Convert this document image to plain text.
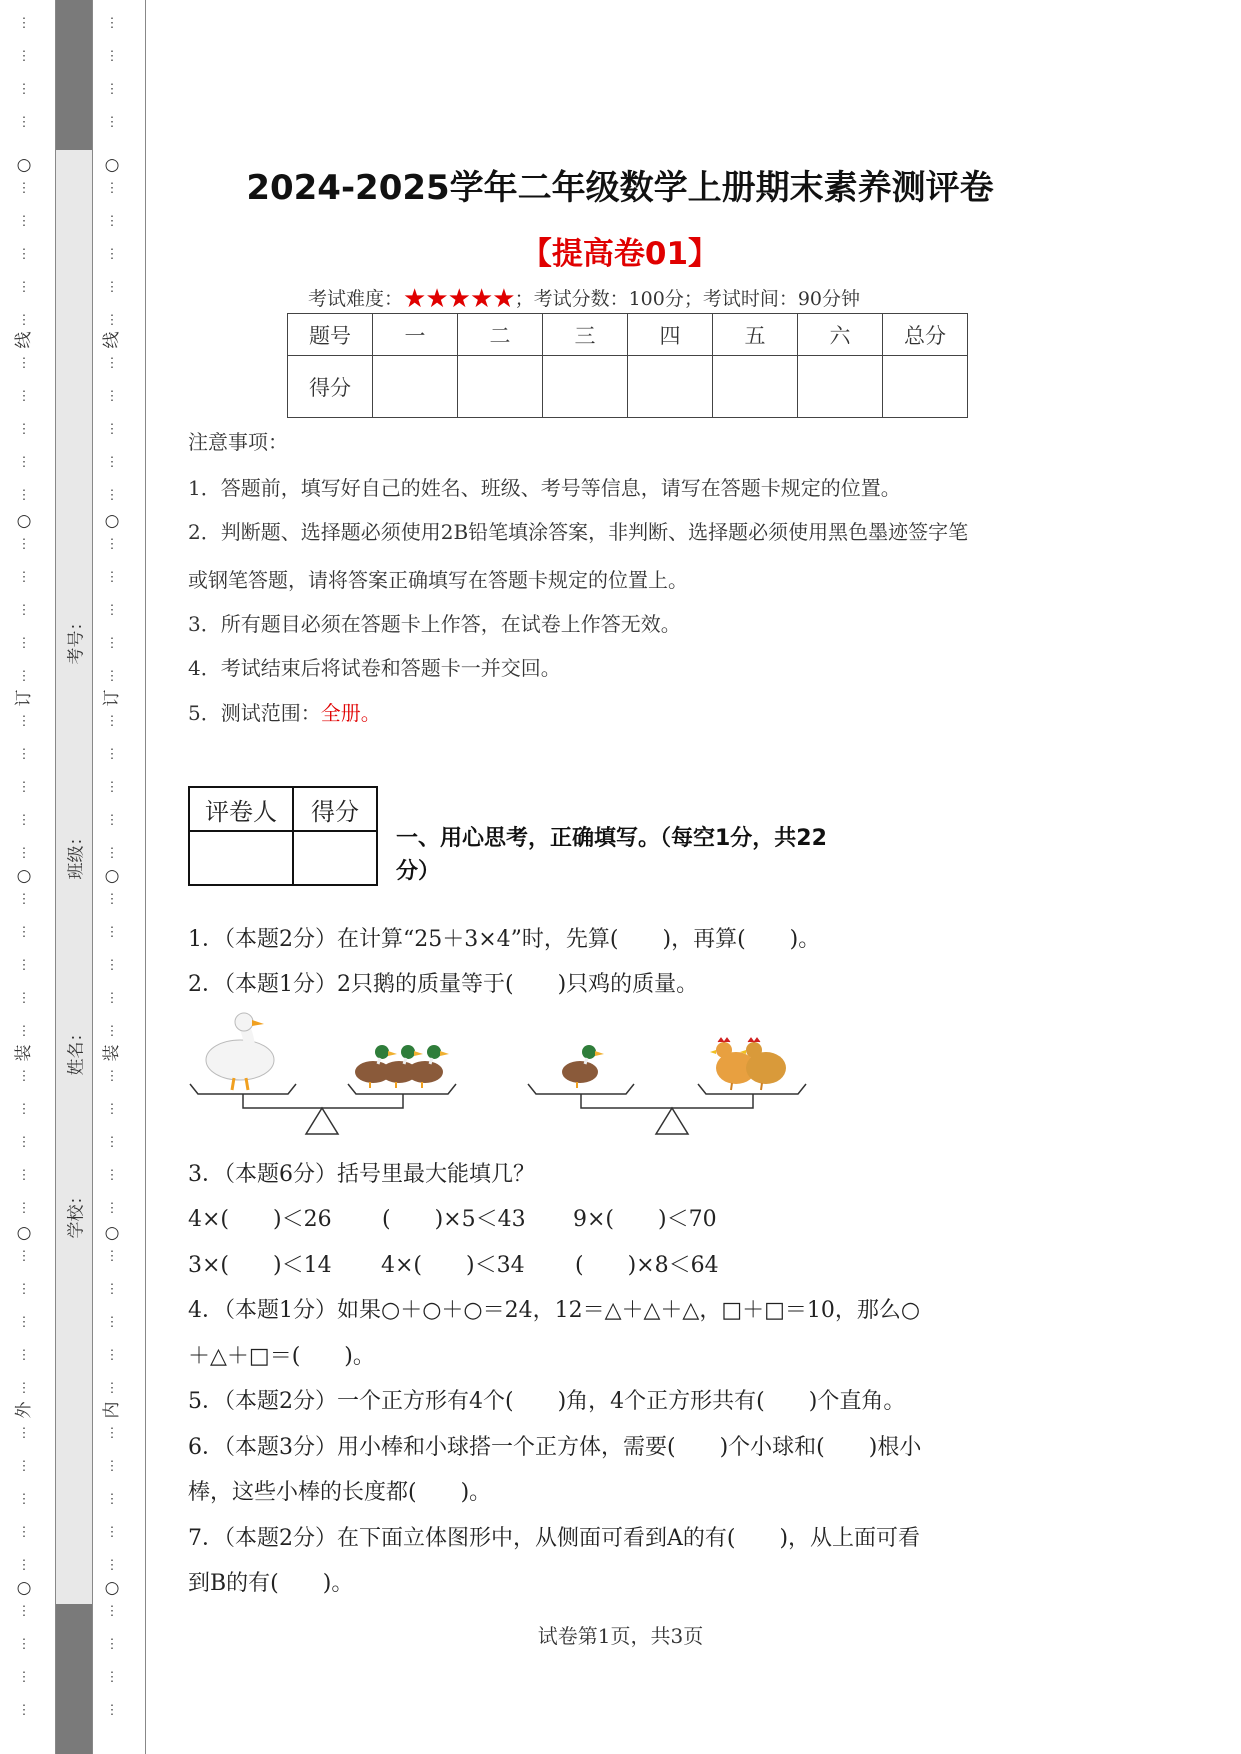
⋮
⋮
⋮
⋮
○
⋮
⋮
⋮
⋮
⋮
线
⋮
⋮
⋮
⋮
⋮
○
⋮
⋮
⋮
⋮
⋮
订
⋮
⋮
⋮
⋮
⋮
○
⋮
⋮
⋮
⋮
⋮
装
⋮
⋮
⋮
⋮
⋮
○
⋮
⋮
⋮
⋮
⋮
外
⋮
⋮
⋮
⋮
⋮
○
⋮
⋮
⋮
⋮
⋮
⋮
⋮
⋮
○
⋮
⋮
⋮
⋮
⋮
线
⋮
⋮
⋮
⋮
⋮
○
⋮
⋮
⋮
⋮
⋮
订
⋮
⋮
⋮
⋮
⋮
○
⋮
⋮
⋮
⋮
⋮
装
⋮
⋮
⋮
⋮
⋮
○
⋮
⋮
⋮
⋮
⋮
内
⋮
⋮
⋮
⋮
⋮
○
⋮
⋮
⋮
⋮
考号：
班级：
姓名：
学校：
2024-2025学年二年级数学上册期末素养测评卷
【提高卷01】
考试难度：★★★★★；考试分数：100分；考试时间：90分钟
题号	一	二	三	四	五	六	总分
得分							
注意事项：
1．答题前，填写好自己的姓名、班级、考号等信息，请写在答题卡规定的位置。
2．判断题、选择题必须使用2B铅笔填涂答案，非判断、选择题必须使用黑色墨迹签字笔
或钢笔答题，请将答案正确填写在答题卡规定的位置上。
3．所有题目必须在答题卡上作答，在试卷上作答无效。
4．考试结束后将试卷和答题卡一并交回。
5．测试范围：全册。
评卷人	得分

一、用心思考，正确填写。（每空1分，共22
分）
1．（本题2分）在计算“25＋3×4”时，先算(　　)，再算(　　)。
2．（本题1分）2只鹅的质量等于(　　)只鸡的质量。
3．（本题6分）括号里最大能填几？
4×(　　)＜26 (　　)×5＜43 9×(　　)＜70
3×(　　)＜14 4×(　　)＜34 (　　)×8＜64
4．（本题1分）如果○＋○＋○＝24，12＝△＋△＋△，□＋□＝10，那么○
＋△＋□＝(　　)。
5．（本题2分）一个正方形有4个(　　)角，4个正方形共有(　　)个直角。
6．（本题3分）用小棒和小球搭一个正方体，需要(　　)个小球和(　　)根小
棒，这些小棒的长度都(　　)。
7．（本题2分）在下面立体图形中，从侧面可看到A的有(　　)，从上面可看
到B的有(　　)。
试卷第1页，共3页
